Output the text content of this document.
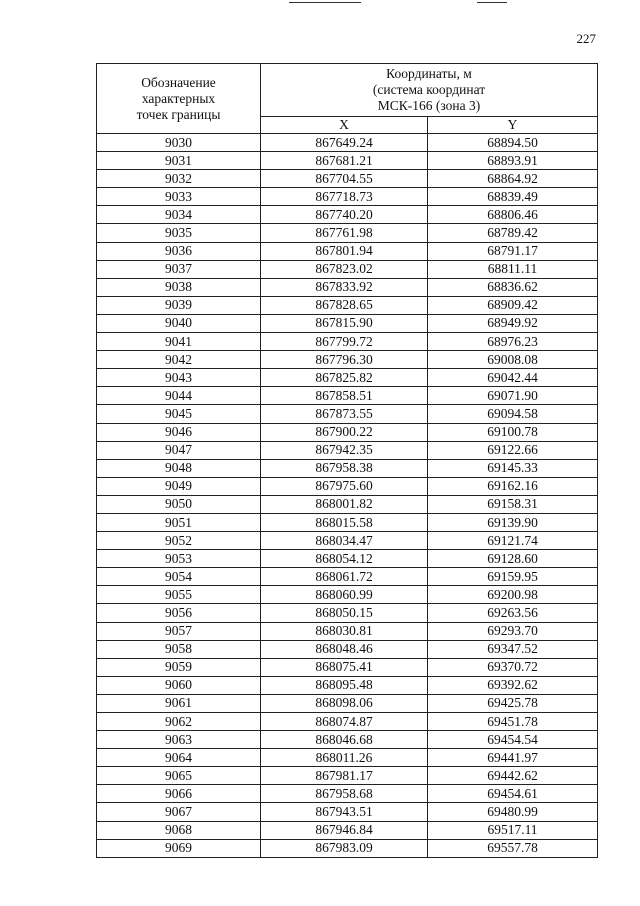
227
Обозначение
характерных
точек границы	Координаты, м
(система координат
МСК-166 (зона 3)	

	X	Y
9030	867649.24	68894.50
9031	867681.21	68893.91
9032	867704.55	68864.92
9033	867718.73	68839.49
9034	867740.20	68806.46
9035	867761.98	68789.42
9036	867801.94	68791.17
9037	867823.02	68811.11
9038	867833.92	68836.62
9039	867828.65	68909.42
9040	867815.90	68949.92
9041	867799.72	68976.23
9042	867796.30	69008.08
9043	867825.82	69042.44
9044	867858.51	69071.90
9045	867873.55	69094.58
9046	867900.22	69100.78
9047	867942.35	69122.66
9048	867958.38	69145.33
9049	867975.60	69162.16
9050	868001.82	69158.31
9051	868015.58	69139.90
9052	868034.47	69121.74
9053	868054.12	69128.60
9054	868061.72	69159.95
9055	868060.99	69200.98
9056	868050.15	69263.56
9057	868030.81	69293.70
9058	868048.46	69347.52
9059	868075.41	69370.72
9060	868095.48	69392.62
9061	868098.06	69425.78
9062	868074.87	69451.78
9063	868046.68	69454.54
9064	868011.26	69441.97
9065	867981.17	69442.62
9066	867958.68	69454.61
9067	867943.51	69480.99
9068	867946.84	69517.11
9069	867983.09	69557.78
